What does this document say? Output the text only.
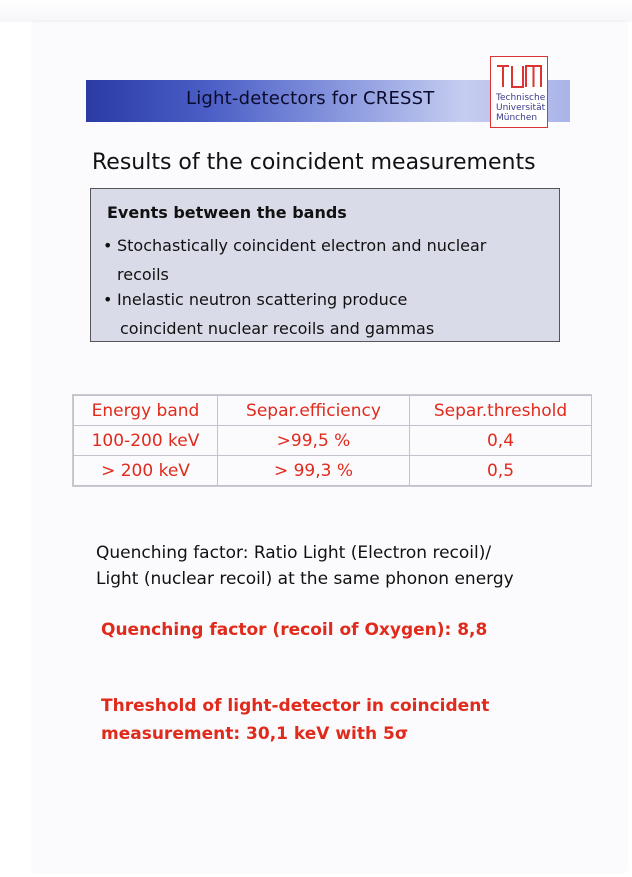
Light-detectors for CRESST	Technische
Universität
München
Results of the coincident measurements
Events between the bands
• Stochastically coincident electron and nuclear
recoils
• Inelastic neutron scattering produce
coincident nuclear recoils and gammas
Energy band	Separ.efficiency	Separ.threshold
100-200 keV	>99,5 %	0,4
> 200 keV	> 99,3 %	0,5
Quenching factor: Ratio Light (Electron recoil)/
Light (nuclear recoil) at the same phonon energy
Quenching factor (recoil of Oxygen): 8,8
Threshold of light-detector in coincident
measurement: 30,1 keV with 5σ
